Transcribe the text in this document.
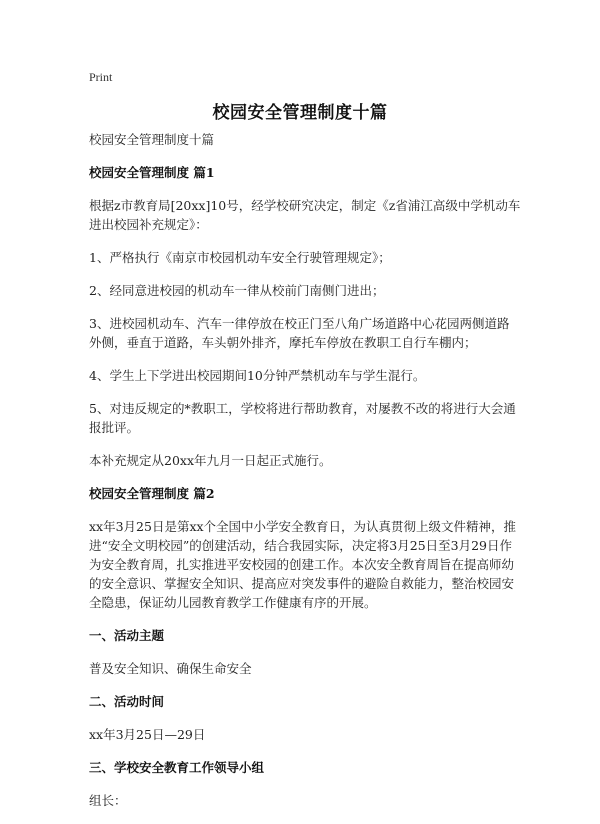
Print
校园安全管理制度十篇

校园安全管理制度十篇

校园安全管理制度 篇1

根据z市教育局[20xx]10号，经学校研究决定，制定《z省浦江高级中学机动车进出校园补充规定》：

1、严格执行《南京市校园机动车安全行驶管理规定》；

2、经同意进校园的机动车一律从校前门南侧门进出；

3、进校园机动车、汽车一律停放在校正门至八角广场道路中心花园两侧道路外侧，垂直于道路，车头朝外排齐，摩托车停放在教职工自行车棚内；

4、学生上下学进出校园期间10分钟严禁机动车与学生混行。

5、对违反规定的*教职工，学校将进行帮助教育，对屡教不改的将进行大会通报批评。

本补充规定从20xx年九月一日起正式施行。

校园安全管理制度 篇2

xx年3月25日是第xx个全国中小学安全教育日，为认真贯彻上级文件精神，推进“安全文明校园”的创建活动，结合我园实际，决定将3月25日至3月29日作为安全教育周，扎实推进平安校园的创建工作。本次安全教育周旨在提高师幼的安全意识、掌握安全知识、提高应对突发事件的避险自救能力，整治校园安全隐患，保证幼儿园教育教学工作健康有序的开展。

一、活动主题

普及安全知识、确保生命安全

二、活动时间

xx年3月25日—29日

三、学校安全教育工作领导小组

组长：
